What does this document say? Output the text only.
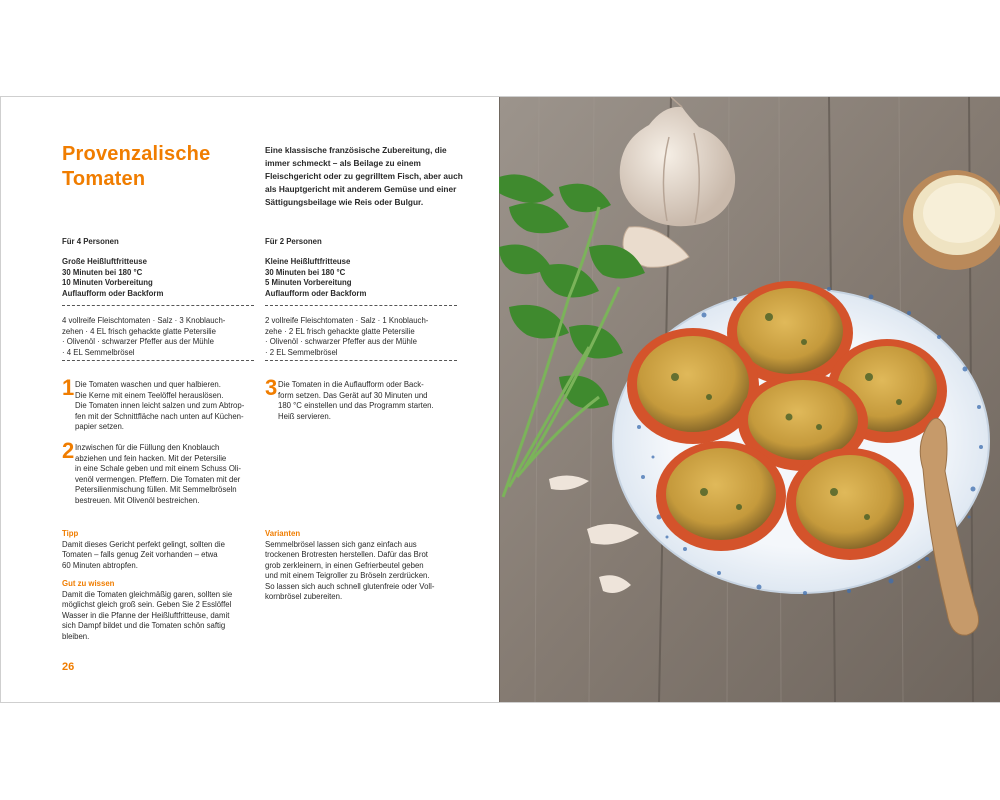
Provenzalische Tomaten

Eine klassische französische Zubereitung, die immer schmeckt – als Beilage zu einem Fleischgericht oder zu gegrilltem Fisch, aber auch als Hauptgericht mit anderem Gemüse und einer Sättigungsbeilage wie Reis oder Bulgur.

Für 4 Personen
Große Heißluftfritteuse
30 Minuten bei 180 °C
10 Minuten Vorbereitung
Auflaufform oder Backform
4 vollreife Fleischtomaten · Salz · 3 Knoblauch-
zehen · 4 EL frisch gehackte glatte Petersilie
· Olivenöl · schwarzer Pfeffer aus der Mühle
· 4 EL Semmelbrösel
Für 2 Personen
Kleine Heißluftfritteuse
30 Minuten bei 180 °C
5 Minuten Vorbereitung
Auflaufform oder Backform
2 vollreife Fleischtomaten · Salz · 1 Knoblauch-
zehe · 2 EL frisch gehackte glatte Petersilie
· Olivenöl · schwarzer Pfeffer aus der Mühle
· 2 EL Semmelbrösel
1 Die Tomaten waschen und quer halbieren.
Die Kerne mit einem Teelöffel herauslösen.
Die Tomaten innen leicht salzen und zum Abtrop-
fen mit der Schnittfläche nach unten auf Küchen-
papier setzen.
2 Inzwischen für die Füllung den Knoblauch
abziehen und fein hacken. Mit der Petersilie
in eine Schale geben und mit einem Schuss Oli-
venöl vermengen. Pfeffern. Die Tomaten mit der
Petersilienmischung füllen. Mit Semmelbröseln
bestreuen. Mit Olivenöl bestreichen.
3 Die Tomaten in die Auflaufform oder Back-
form setzen. Das Gerät auf 30 Minuten und
180 °C einstellen und das Programm starten.
Heiß servieren.
Tipp
Damit dieses Gericht perfekt gelingt, sollten die
Tomaten – falls genug Zeit vorhanden – etwa
60 Minuten abtropfen.
Gut zu wissen
Damit die Tomaten gleichmäßig garen, sollten sie
möglichst gleich groß sein. Geben Sie 2 Esslöffel
Wasser in die Pfanne der Heißluftfritteuse, damit
sich Dampf bildet und die Tomaten schön saftig
bleiben.
Varianten
Semmelbrösel lassen sich ganz einfach aus
trockenen Brotresten herstellen. Dafür das Brot
grob zerkleinern, in einen Gefrierbeutel geben
und mit einem Teigroller zu Bröseln zerdrücken.
So lassen sich auch schnell glutenfreie oder Voll-
kornbrösel zubereiten.
26
